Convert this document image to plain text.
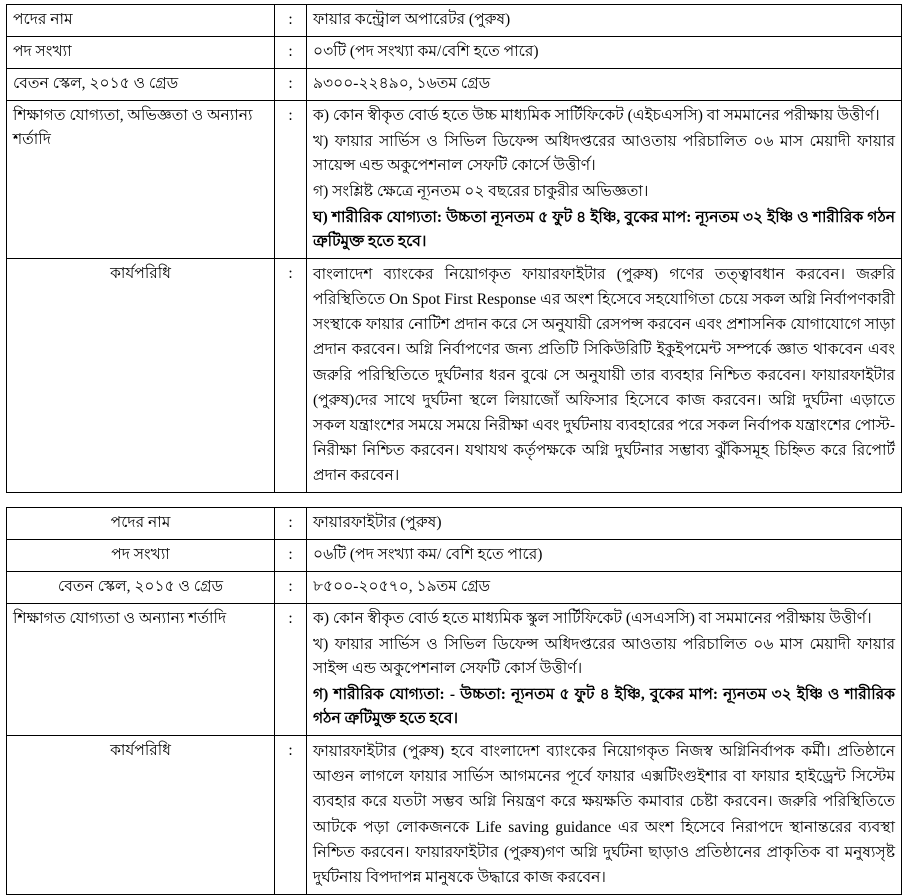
পদের নাম	:	ফায়ার কন্ট্রোল অপারেটর (পুরুষ)

পদ সংখ্যা	:	০৩টি (পদ সংখ্যা কম/বেশি হতে পারে)

বেতন স্কেল, ২০১৫ ও গ্রেড	:	৯৩০০-২২৪৯০, ১৬তম গ্রেড

শিক্ষাগত যোগ্যতা, অভিজ্ঞতা ও অন্যান্য শর্তাদি	:	ক) কোন স্বীকৃত বোর্ড হতে উচ্চ মাধ্যমিক সার্টিফিকেট (এইচএসসি) বা সমমানের পরীক্ষায় উত্তীর্ণ।

খ) ফায়ার সার্ভিস ও সিভিল ডিফেন্স অধিদপ্তরের আওতায় পরিচালিত ০৬ মাস মেয়াদী ফায়ার সায়েন্স এন্ড অকুপেশনাল সেফটি কোর্সে উত্তীর্ণ।

গ) সংশ্লিষ্ট ক্ষেত্রে ন্যূনতম ০২ বছরের চাকুরীর অভিজ্ঞতা।

ঘ) শারীরিক যোগ্যতা: উচ্চতা ন্যূনতম ৫ ফুট ৪ ইঞ্চি, বুকের মাপ: ন্যূনতম ৩২ ইঞ্চি ও শারীরিক গঠন ত্রুটিমুক্ত হতে হবে।

কার্যপরিধি	:	বাংলাদেশ ব্যাংকের নিয়োগকৃত ফায়ারফাইটার (পুরুষ) গণের তত্ত্বাবধান করবেন। জরুরি পরিস্থিতিতে On Spot First Response এর অংশ হিসেবে সহযোগিতা চেয়ে সকল অগ্নি নির্বাপণকারী সংস্থাকে ফায়ার নোটিশ প্রদান করে সে অনুযায়ী রেসপন্স করবেন এবং প্রশাসনিক যোগাযোগে সাড়া প্রদান করবেন। অগ্নি নির্বাপণের জন্য প্রতিটি সিকিউরিটি ইকুইপমেন্ট সম্পর্কে জ্ঞাত থাকবেন এবং জরুরি পরিস্থিতিতে দুর্ঘটনার ধরন বুঝে সে অনুযায়ী তার ব্যবহার নিশ্চিত করবেন। ফায়ারফাইটার (পুরুষ)দের সাথে দুর্ঘটনা স্থলে লিয়াজোঁ অফিসার হিসেবে কাজ করবেন। অগ্নি দুর্ঘটনা এড়াতে সকল যন্ত্রাংশের সময়ে সময়ে নিরীক্ষা এবং দুর্ঘটনায় ব্যবহারের পরে সকল নির্বাপক যন্ত্রাংশের পোস্ট-নিরীক্ষা নিশ্চিত করবেন। যথাযথ কর্তৃপক্ষকে অগ্নি দুর্ঘটনার সম্ভাব্য ঝুঁকিসমূহ চিহ্নিত করে রিপোর্ট প্রদান করবেন।

পদের নাম	:	ফায়ারফাইটার (পুরুষ)

পদ সংখ্যা	:	০৬টি (পদ সংখ্যা কম/ বেশি হতে পারে)

বেতন স্কেল, ২০১৫ ও গ্রেড	:	৮৫০০-২০৫৭০, ১৯তম গ্রেড

শিক্ষাগত যোগ্যতা ও অন্যান্য শর্তাদি	:	ক) কোন স্বীকৃত বোর্ড হতে মাধ্যমিক স্কুল সার্টিফিকেট (এসএসসি) বা সমমানের পরীক্ষায় উত্তীর্ণ।

খ) ফায়ার সার্ভিস ও সিভিল ডিফেন্স অধিদপ্তরের আওতায় পরিচালিত ০৬ মাস মেয়াদী ফায়ার সাইন্স এন্ড অকুপেশনাল সেফটি কোর্স উত্তীর্ণ।

গ) শারীরিক যোগ্যতা: - উচ্চতা: ন্যূনতম ৫ ফুট ৪ ইঞ্চি, বুকের মাপ: ন্যূনতম ৩২ ইঞ্চি ও শারীরিক গঠন ত্রুটিমুক্ত হতে হবে।

কার্যপরিধি	:	ফায়ারফাইটার (পুরুষ) হবে বাংলাদেশ ব্যাংকের নিয়োগকৃত নিজস্ব অগ্নিনির্বাপক কর্মী। প্রতিষ্ঠানে আগুন লাগলে ফায়ার সার্ভিস আগমনের পূর্বে ফায়ার এক্সটিংগুইশার বা ফায়ার হাইড্রেন্ট সিস্টেম ব্যবহার করে যতটা সম্ভব অগ্নি নিয়ন্ত্রণ করে ক্ষয়ক্ষতি কমাবার চেষ্টা করবেন। জরুরি পরিস্থিতিতে আটকে পড়া লোকজনকে Life saving guidance এর অংশ হিসেবে নিরাপদে স্থানান্তরের ব্যবস্থা নিশ্চিত করবেন। ফায়ারফাইটার (পুরুষ)গণ অগ্নি দুর্ঘটনা ছাড়াও প্রতিষ্ঠানের প্রাকৃতিক বা মনুষ্যসৃষ্ট দুর্ঘটনায় বিপদাপন্ন মানুষকে উদ্ধারে কাজ করবেন।
